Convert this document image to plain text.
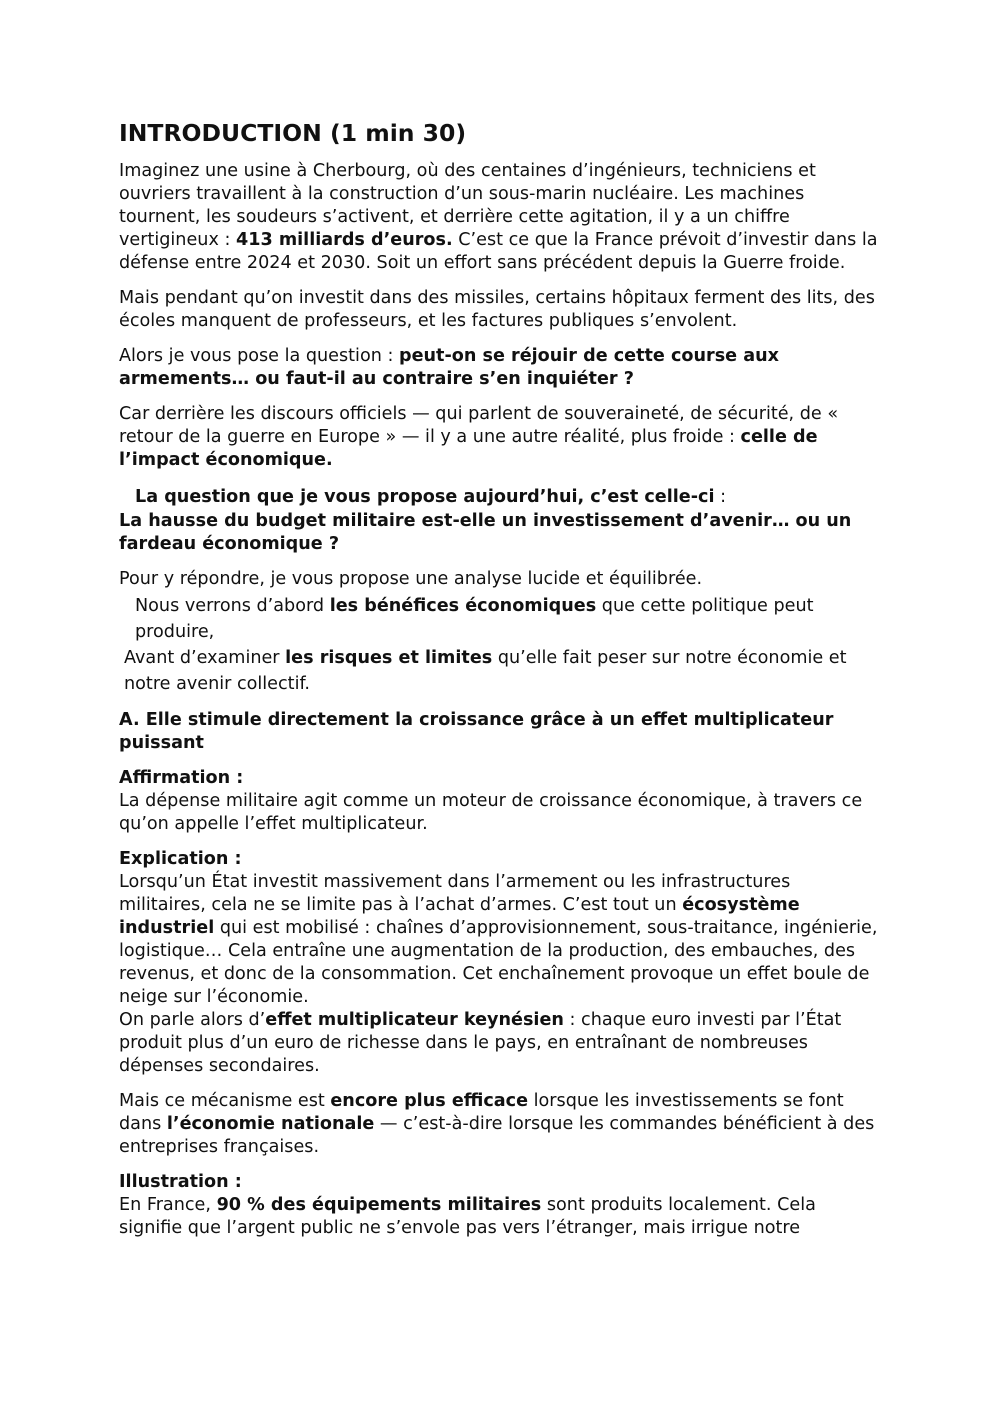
INTRODUCTION (1 min 30)

Imaginez une usine à Cherbourg, où des centaines d’ingénieurs, techniciens et ouvriers travaillent à la construction d’un sous-marin nucléaire. Les machines tournent, les soudeurs s’activent, et derrière cette agitation, il y a un chiffre vertigineux : 413 milliards d’euros. C’est ce que la France prévoit d’investir dans la défense entre 2024 et 2030. Soit un effort sans précédent depuis la Guerre froide.

Mais pendant qu’on investit dans des missiles, certains hôpitaux ferment des lits, des écoles manquent de professeurs, et les factures publiques s’envolent.

Alors je vous pose la question : peut-on se réjouir de cette course aux armements… ou faut-il au contraire s’en inquiéter ?

Car derrière les discours officiels — qui parlent de souveraineté, de sécurité, de « retour de la guerre en Europe » — il y a une autre réalité, plus froide : celle de l’impact économique.

La question que je vous propose aujourd’hui, c’est celle-ci :

La hausse du budget militaire est-elle un investissement d’avenir… ou un fardeau économique ?

Pour y répondre, je vous propose une analyse lucide et équilibrée.

Nous verrons d’abord les bénéfices économiques que cette politique peut produire,

Avant d’examiner les risques et limites qu’elle fait peser sur notre économie et notre avenir collectif.

A. Elle stimule directement la croissance grâce à un effet multiplicateur puissant

Affirmation :

La dépense militaire agit comme un moteur de croissance économique, à travers ce qu’on appelle l’effet multiplicateur.

Explication :

Lorsqu’un État investit massivement dans l’armement ou les infrastructures militaires, cela ne se limite pas à l’achat d’armes. C’est tout un écosystème industriel qui est mobilisé : chaînes d’approvisionnement, sous-traitance, ingénierie, logistique… Cela entraîne une augmentation de la production, des embauches, des revenus, et donc de la consommation. Cet enchaînement provoque un effet boule de neige sur l’économie.

On parle alors d’effet multiplicateur keynésien : chaque euro investi par l’État produit plus d’un euro de richesse dans le pays, en entraînant de nombreuses dépenses secondaires.

Mais ce mécanisme est encore plus efficace lorsque les investissements se font dans l’économie nationale — c’est-à-dire lorsque les commandes bénéficient à des entreprises françaises.

Illustration :

En France, 90 % des équipements militaires sont produits localement. Cela signifie que l’argent public ne s’envole pas vers l’étranger, mais irrigue notre
